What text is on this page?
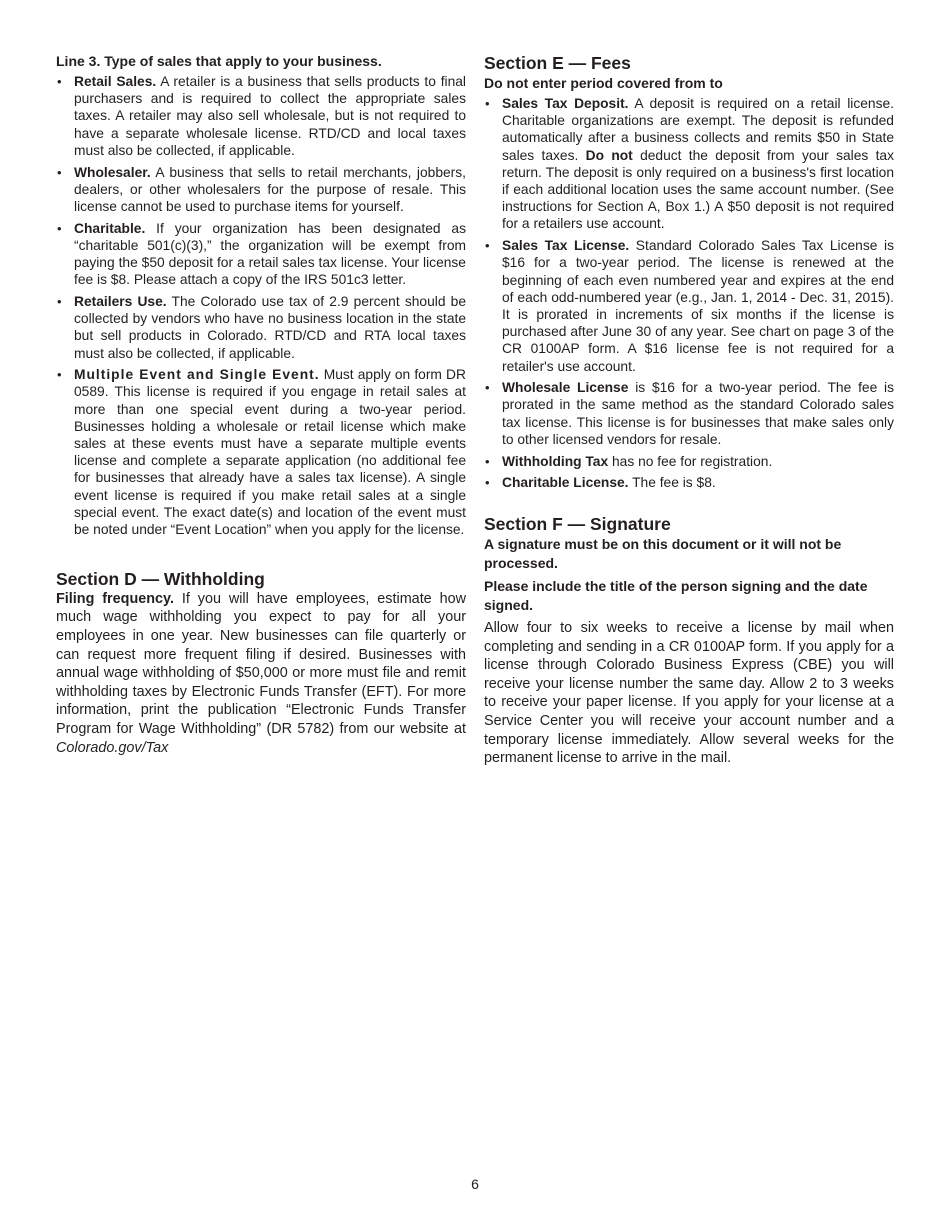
Line 3. Type of sales that apply to your business.

• Retail Sales. A retailer is a business that sells products to final purchasers and is required to collect the appropriate sales taxes. A retailer may also sell wholesale, but is not required to have a separate wholesale license. RTD/CD and local taxes must also be collected, if applicable.
• Wholesaler. A business that sells to retail merchants, jobbers, dealers, or other wholesalers for the purpose of resale. This license cannot be used to purchase items for yourself.
• Charitable. If your organization has been designated as “charitable 501(c)(3),” the organization will be exempt from paying the $50 deposit for a retail sales tax license. Your license fee is $8. Please attach a copy of the IRS 501c3 letter.
• Retailers Use. The Colorado use tax of 2.9 percent should be collected by vendors who have no business location in the state but sell products in Colorado. RTD/CD and RTA local taxes must also be collected, if applicable.
• Multiple Event and Single Event. Must apply on form DR 0589. This license is required if you engage in retail sales at more than one special event during a two-year period. Businesses holding a wholesale or retail license which make sales at these events must have a separate multiple events license and complete a separate application (no additional fee for businesses that already have a sales tax license). A single event license is required if you make retail sales at a single special event. The exact date(s) and location of the event must be noted under “Event Location” when you apply for the license.
Section D — Withholding

Filing frequency. If you will have employees, estimate how much wage withholding you expect to pay for all your employees in one year. New businesses can file quarterly or can request more frequent filing if desired. Businesses with annual wage withholding of $50,000 or more must file and remit withholding taxes by Electronic Funds Transfer (EFT). For more information, print the publication “Electronic Funds Transfer Program for Wage Withholding” (DR 5782) from our website at Colorado.gov/Tax

Section E — Fees

Do not enter period covered from to

• Sales Tax Deposit. A deposit is required on a retail license. Charitable organizations are exempt. The deposit is refunded automatically after a business collects and remits $50 in State sales taxes. Do not deduct the deposit from your sales tax return. The deposit is only required on a business's first location if each additional location uses the same account number. (See instructions for Section A, Box 1.) A $50 deposit is not required for a retailers use account.
• Sales Tax License. Standard Colorado Sales Tax License is $16 for a two-year period. The license is renewed at the beginning of each even numbered year and expires at the end of each odd-numbered year (e.g., Jan. 1, 2014 - Dec. 31, 2015). It is prorated in increments of six months if the license is purchased after June 30 of any year. See chart on page 3 of the CR 0100AP form. A $16 license fee is not required for a retailer's use account.
• Wholesale License is $16 for a two-year period. The fee is prorated in the same method as the standard Colorado sales tax license. This license is for businesses that make sales only to other licensed vendors for resale.
• Withholding Tax has no fee for registration.
• Charitable License. The fee is $8.
Section F — Signature

A signature must be on this document or it will not be processed.

Please include the title of the person signing and the date signed.

Allow four to six weeks to receive a license by mail when completing and sending in a CR 0100AP form. If you apply for a license through Colorado Business Express (CBE) you will receive your license number the same day. Allow 2 to 3 weeks to receive your paper license. If you apply for your license at a Service Center you will receive your account number and a temporary license immediately. Allow several weeks for the permanent license to arrive in the mail.

6
